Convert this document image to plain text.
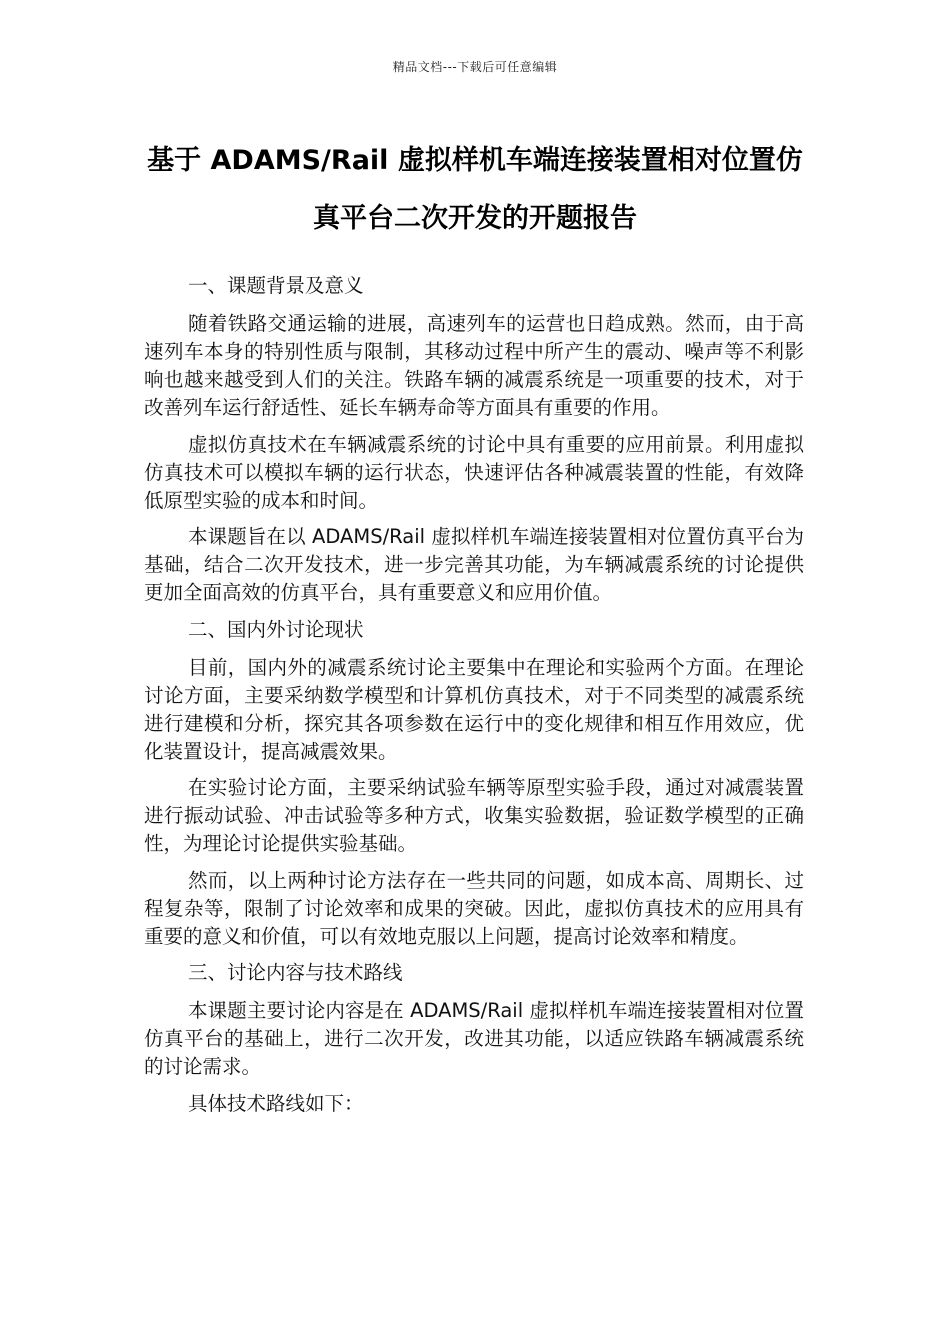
精品文档---下载后可任意编辑
基于 ADAMS/Rail 虚拟样机车端连接装置相对位置仿
真平台二次开发的开题报告

一、课题背景及意义

随着铁路交通运输的进展，高速列车的运营也日趋成熟。然而，由于高速列车本身的特别性质与限制，其移动过程中所产生的震动、噪声等不利影响也越来越受到人们的关注。铁路车辆的减震系统是一项重要的技术，对于改善列车运行舒适性、延长车辆寿命等方面具有重要的作用。

虚拟仿真技术在车辆减震系统的讨论中具有重要的应用前景。利用虚拟仿真技术可以模拟车辆的运行状态，快速评估各种减震装置的性能，有效降低原型实验的成本和时间。

本课题旨在以 ADAMS/Rail 虚拟样机车端连接装置相对位置仿真平台为基础，结合二次开发技术，进一步完善其功能，为车辆减震系统的讨论提供更加全面高效的仿真平台，具有重要意义和应用价值。

二、国内外讨论现状

目前，国内外的减震系统讨论主要集中在理论和实验两个方面。在理论讨论方面，主要采纳数学模型和计算机仿真技术，对于不同类型的减震系统进行建模和分析，探究其各项参数在运行中的变化规律和相互作用效应，优化装置设计，提高减震效果。

在实验讨论方面，主要采纳试验车辆等原型实验手段，通过对减震装置进行振动试验、冲击试验等多种方式，收集实验数据，验证数学模型的正确性，为理论讨论提供实验基础。

然而，以上两种讨论方法存在一些共同的问题，如成本高、周期长、过程复杂等，限制了讨论效率和成果的突破。因此，虚拟仿真技术的应用具有重要的意义和价值，可以有效地克服以上问题，提高讨论效率和精度。

三、讨论内容与技术路线

本课题主要讨论内容是在 ADAMS/Rail 虚拟样机车端连接装置相对位置仿真平台的基础上，进行二次开发，改进其功能，以适应铁路车辆减震系统的讨论需求。

具体技术路线如下：
